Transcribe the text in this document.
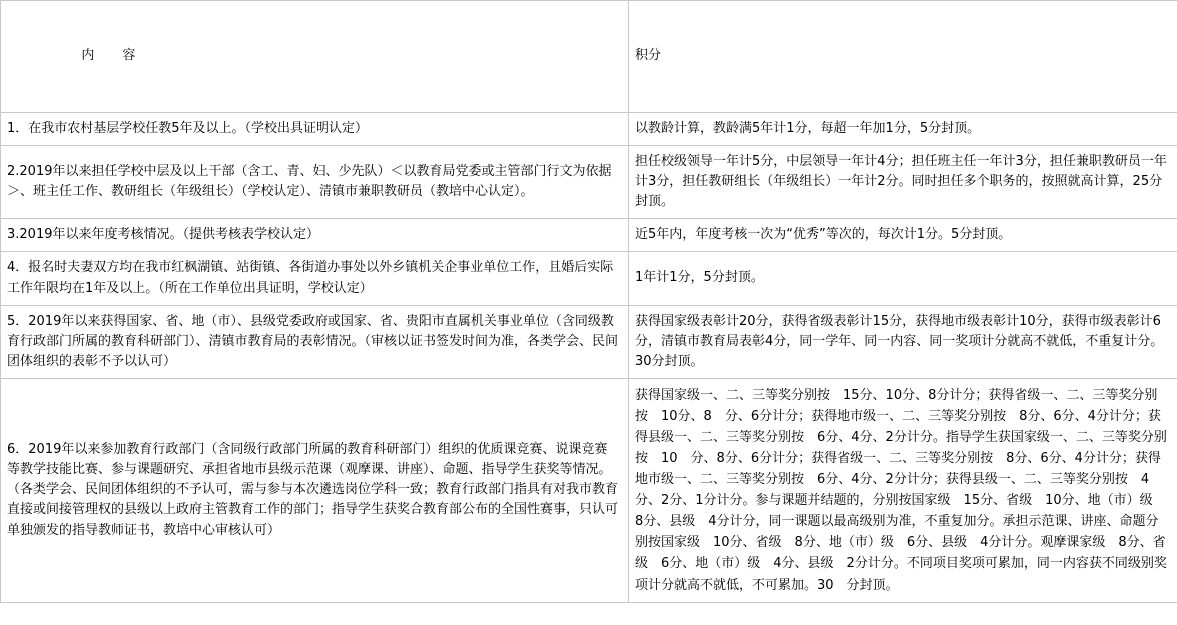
内 容	积分
1．在我市农村基层学校任教5年及以上。（学校出具证明认定）	以教龄计算，教龄满5年计1分，每超一年加1分，5分封顶。
2.2019年以来担任学校中层及以上干部（含工、青、妇、少先队）＜以教育局党委或主管部门行文为依据＞、班主任工作、教研组长（年级组长）（学校认定）、清镇市兼职教研员（教培中心认定）。	担任校级领导一年计5分，中层领导一年计4分；担任班主任一年计3分，担任兼职教研员一年计3分，担任教研组长（年级组长）一年计2分。同时担任多个职务的，按照就高计算，25分封顶。
3.2019年以来年度考核情况。（提供考核表学校认定）	近5年内，年度考核一次为“优秀”等次的，每次计1分。5分封顶。
4．报名时夫妻双方均在我市红枫湖镇、站街镇、各街道办事处以外乡镇机关企事业单位工作，且婚后实际工作年限均在1年及以上。（所在工作单位出具证明，学校认定）	1年计1分，5分封顶。
5．2019年以来获得国家、省、地（市）、县级党委政府或国家、省、贵阳市直属机关事业单位（含同级教育行政部门所属的教育科研部门）、清镇市教育局的表彰情况。（审核以证书签发时间为准，各类学会、民间团体组织的表彰不予以认可）	获得国家级表彰计20分，获得省级表彰计15分，获得地市级表彰计10分，获得市级表彰计6分，清镇市教育局表彰4分，同一学年、同一内容、同一奖项计分就高不就低，不重复计分。30分封顶。
6．2019年以来参加教育行政部门（含同级行政部门所属的教育科研部门）组织的优质课竞赛、说课竞赛等教学技能比赛、参与课题研究、承担省地市县级示范课（观摩课、讲座）、命题、指导学生获奖等情况。（各类学会、民间团体组织的不予认可，需与参与本次遴选岗位学科一致；教育行政部门指具有对我市教育直接或间接管理权的县级以上政府主管教育工作的部门；指导学生获奖合教育部公布的全国性赛事，只认可单独颁发的指导教师证书，教培中心审核认可）	获得国家级一、二、三等奖分别按　15分、10分、8分计分；获得省级一、二、三等奖分别按　10分、8　分、6分计分；获得地市级一、二、三等奖分别按　8分、6分、4分计分；获得县级一、二、三等奖分别按　6分、4分、2分计分。指导学生获国家级一、二、三等奖分别按　10　分、8分、6分计分；获得省级一、二、三等奖分别按　8分、6分、4分计分；获得地市级一、二、三等奖分别按　6分、4分、2分计分；获得县级一、二、三等奖分别按　4分、2分、1分计分。参与课题并结题的，分别按国家级　15分、省级　10分、地（市）级　8分、县级　4分计分，同一课题以最高级别为准，不重复加分。承担示范课、讲座、命题分别按国家级　10分、省级　8分、地（市）级　6分、县级　4分计分。观摩课家级　8分、省级　6分、地（市）级　4分、县级　2分计分。不同项目奖项可累加，同一内容获不同级别奖项计分就高不就低，不可累加。30　分封顶。
